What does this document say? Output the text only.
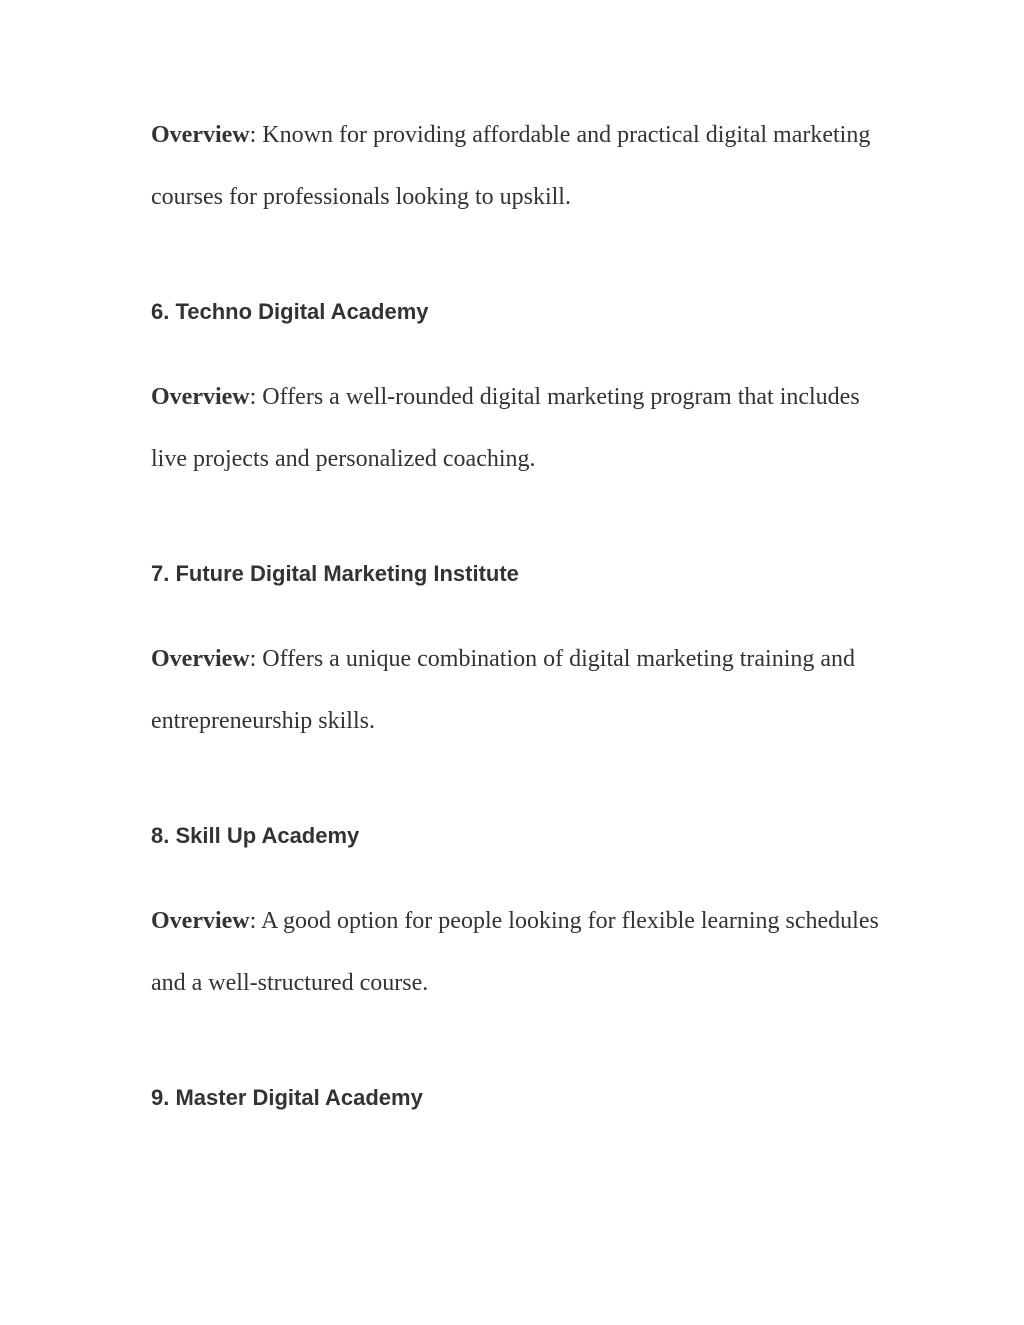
Overview: Known for providing affordable and practical digital marketing courses for professionals looking to upskill.

6. Techno Digital Academy

Overview: Offers a well-rounded digital marketing program that includes live projects and personalized coaching.

7. Future Digital Marketing Institute

Overview: Offers a unique combination of digital marketing training and entrepreneurship skills.

8. Skill Up Academy

Overview: A good option for people looking for flexible learning schedules and a well-structured course.

9. Master Digital Academy
